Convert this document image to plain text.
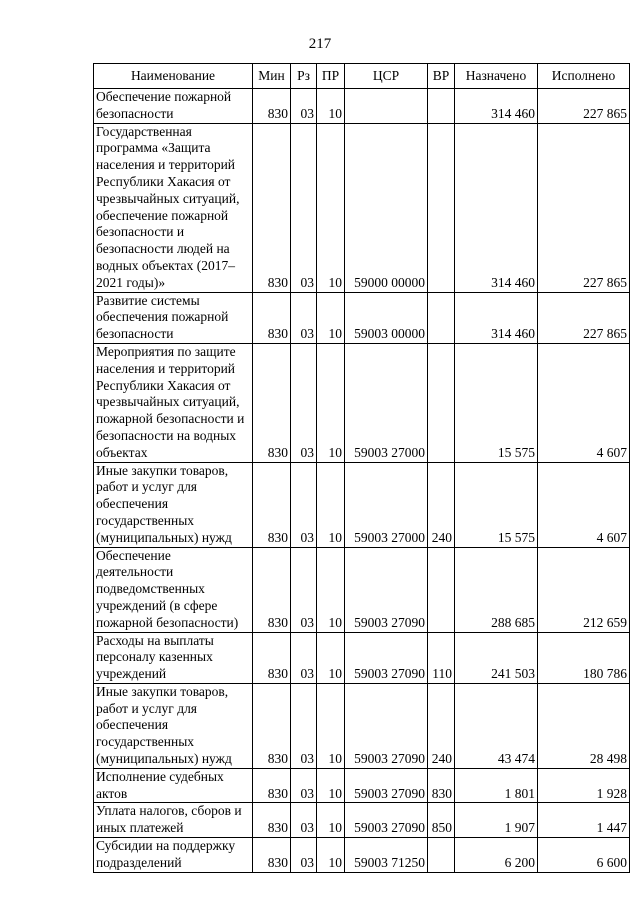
217
Наименование	Мин	Рз	ПР	ЦСР	ВР	Назначено	Исполнено
Обеспечение пожарной безопасности	830	03	10			314 460	227 865
Государственная программа «Защита населения и территорий Республики Хакасия от чрезвычайных ситуаций, обеспечение пожарной безопасности и безопасности людей на водных объектах (2017–2021 годы)»	830	03	10	59000 00000		314 460	227 865
Развитие системы обеспечения пожарной безопасности	830	03	10	59003 00000		314 460	227 865
Мероприятия по защите населения и территорий Республики Хакасия от чрезвычайных ситуаций, пожарной безопасности и безопасности на водных объектах	830	03	10	59003 27000		15 575	4 607
Иные закупки товаров, работ и услуг для обеспечения государственных (муниципальных) нужд	830	03	10	59003 27000	240	15 575	4 607
Обеспечение деятельности подведомственных учреждений (в сфере пожарной безопасности)	830	03	10	59003 27090		288 685	212 659
Расходы на выплаты персоналу казенных учреждений	830	03	10	59003 27090	110	241 503	180 786
Иные закупки товаров, работ и услуг для обеспечения государственных (муниципальных) нужд	830	03	10	59003 27090	240	43 474	28 498
Исполнение судебных актов	830	03	10	59003 27090	830	1 801	1 928
Уплата налогов, сборов и иных платежей	830	03	10	59003 27090	850	1 907	1 447
Субсидии на поддержку подразделений	830	03	10	59003 71250		6 200	6 600
